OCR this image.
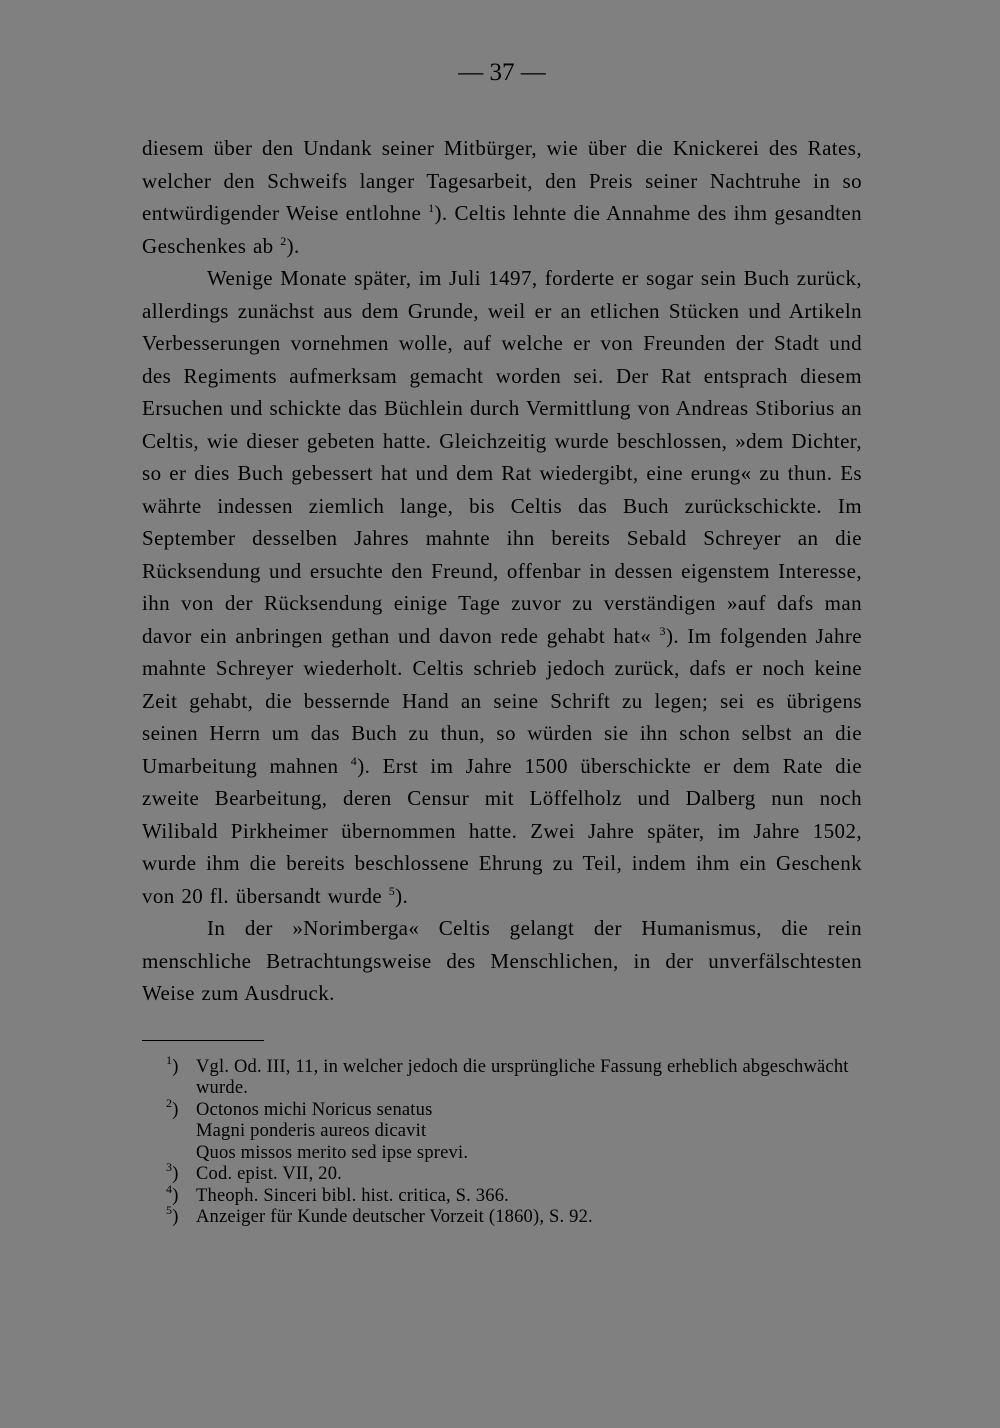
— 37 —

diesem über den Undank seiner Mitbürger, wie über die Knickerei des Rates, welcher den Schweifs langer Tagesarbeit, den Preis seiner Nachtruhe in so entwürdigender Weise entlohne $^1$). Celtis lehnte die Annahme des ihm gesandten Geschenkes ab $^2$).

Wenige Monate später, im Juli 1497, forderte er sogar sein Buch zurück, allerdings zunächst aus dem Grunde, weil er an etlichen Stücken und Artikeln Verbesserungen vornehmen wolle, auf welche er von Freunden der Stadt und des Regiments aufmerksam gemacht worden sei. Der Rat entsprach diesem Ersuchen und schickte das Büchlein durch Vermittlung von Andreas Stiborius an Celtis, wie dieser gebeten hatte. Gleichzeitig wurde beschlossen, »dem Dichter, so er dies Buch gebessert hat und dem Rat wiedergibt, eine erung« zu thun. Es währte indessen ziemlich lange, bis Celtis das Buch zurückschickte. Im September desselben Jahres mahnte ihn bereits Sebald Schreyer an die Rücksendung und ersuchte den Freund, offenbar in dessen eigenstem Interesse, ihn von der Rücksendung einige Tage zuvor zu verständigen »auf dafs man davor ein anbringen gethan und davon rede gehabt hat« $^3$). Im folgenden Jahre mahnte Schreyer wiederholt. Celtis schrieb jedoch zurück, dafs er noch keine Zeit gehabt, die bessernde Hand an seine Schrift zu legen; sei es übrigens seinen Herrn um das Buch zu thun, so würden sie ihn schon selbst an die Umarbeitung mahnen $^4$). Erst im Jahre 1500 überschickte er dem Rate die zweite Bearbeitung, deren Censur mit Löffelholz und Dalberg nun noch Wilibald Pirkheimer übernommen hatte. Zwei Jahre später, im Jahre 1502, wurde ihm die bereits beschlossene Ehrung zu Teil, indem ihm ein Geschenk von 20 fl. übersandt wurde $^5$).

In der »Norimberga« Celtis gelangt der Humanismus, die rein menschliche Betrachtungsweise des Menschlichen, in der unverfälschtesten Weise zum Ausdruck.

$^1$) Vgl. Od. III, 11, in welcher jedoch die ursprüngliche Fassung erheblich abgeschwächt wurde.
$^2$) Octonos michi Noricus senatus
Magni ponderis aureos dicavit
Quos missos merito sed ipse sprevi.
$^3$) Cod. epist. VII, 20.
$^4$) Theoph. Sinceri bibl. hist. critica, S. 366.
$^5$) Anzeiger für Kunde deutscher Vorzeit (1860), S. 92.
